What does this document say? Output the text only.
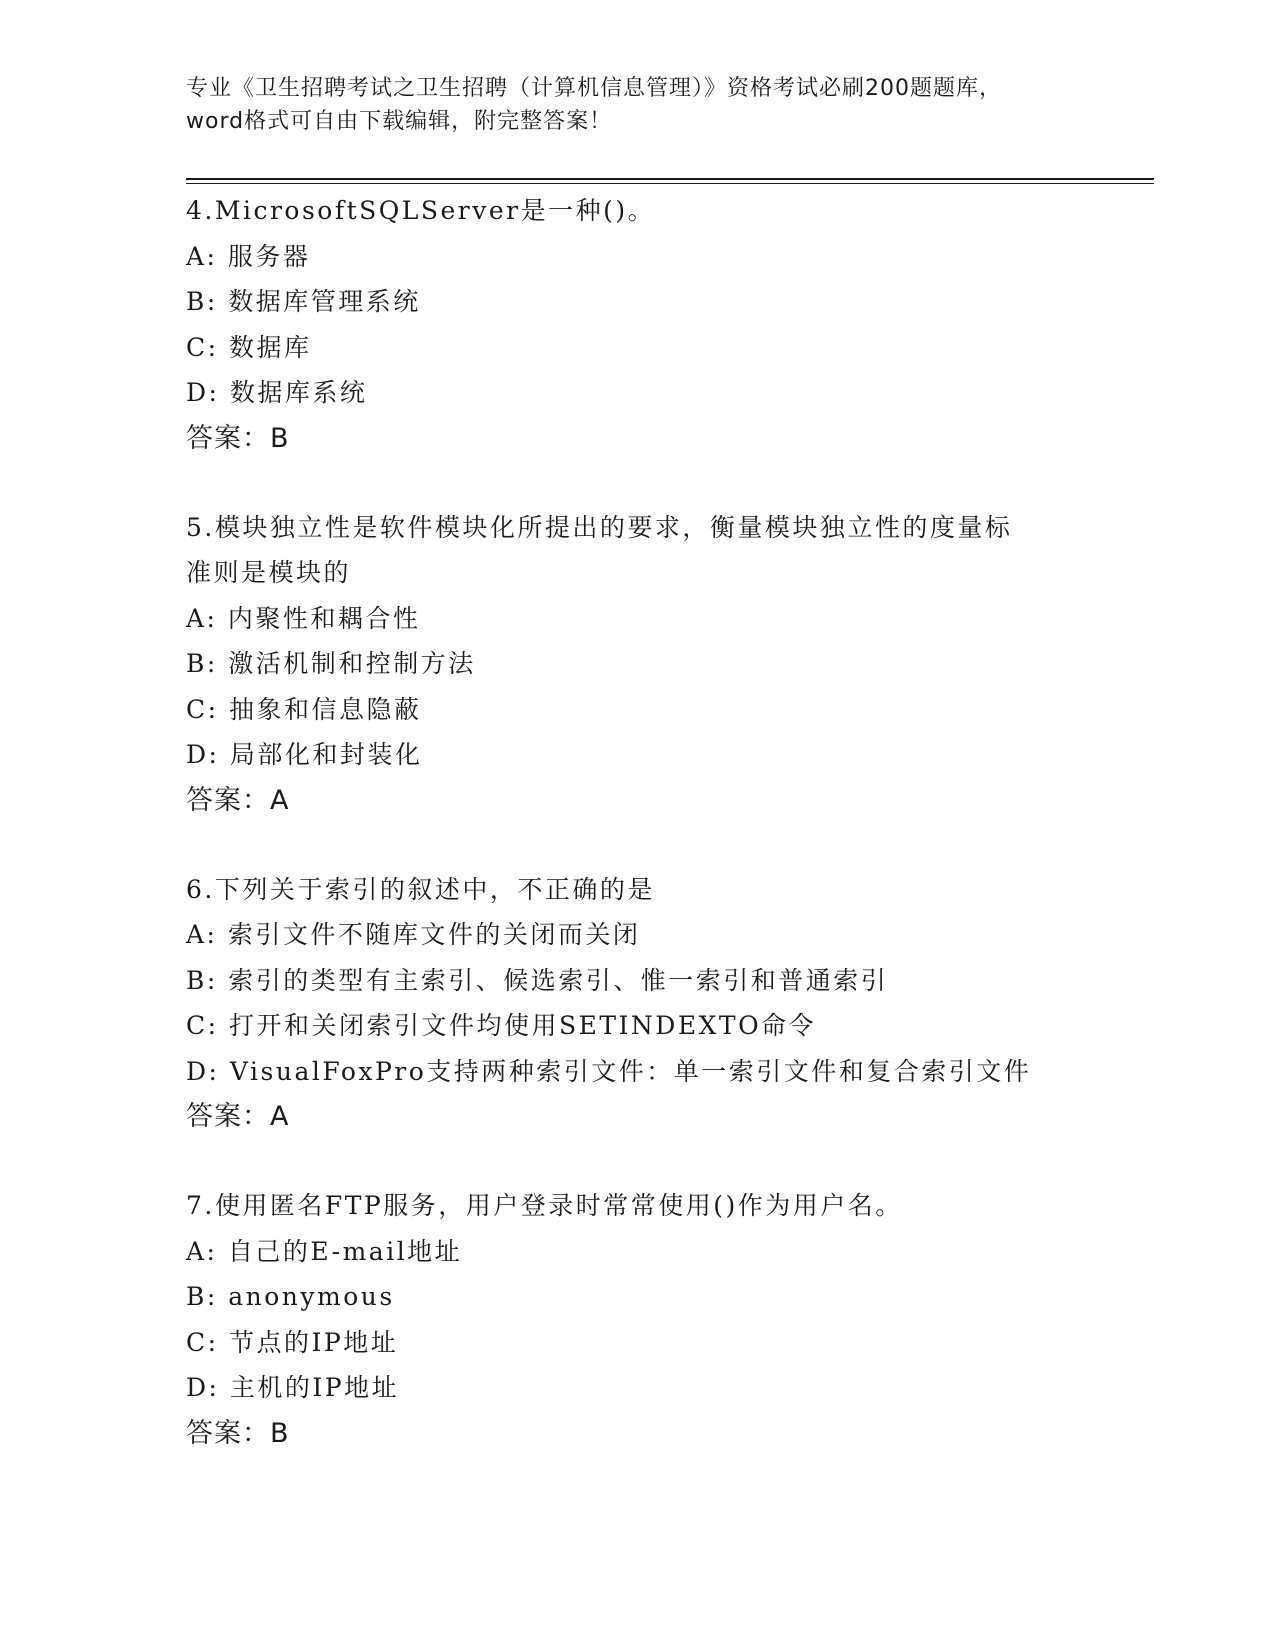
专业《卫生招聘考试之卫生招聘（计算机信息管理）》资格考试必刷200题题库，
word格式可自由下载编辑，附完整答案！
4.MicrosoftSQLServer是一种()。
A: 服务器
B: 数据库管理系统
C: 数据库
D: 数据库系统
答案：B
5.模块独立性是软件模块化所提出的要求，衡量模块独立性的度量标
准则是模块的
A: 内聚性和耦合性
B: 激活机制和控制方法
C: 抽象和信息隐蔽
D: 局部化和封装化
答案：A
6.下列关于索引的叙述中，不正确的是
A: 索引文件不随库文件的关闭而关闭
B: 索引的类型有主索引、候选索引、惟一索引和普通索引
C: 打开和关闭索引文件均使用SETINDEXTO命令
D: VisualFoxPro支持两种索引文件：单一索引文件和复合索引文件
答案：A
7.使用匿名FTP服务，用户登录时常常使用()作为用户名。
A: 自己的E-mail地址
B: anonymous
C: 节点的IP地址
D: 主机的IP地址
答案：B
